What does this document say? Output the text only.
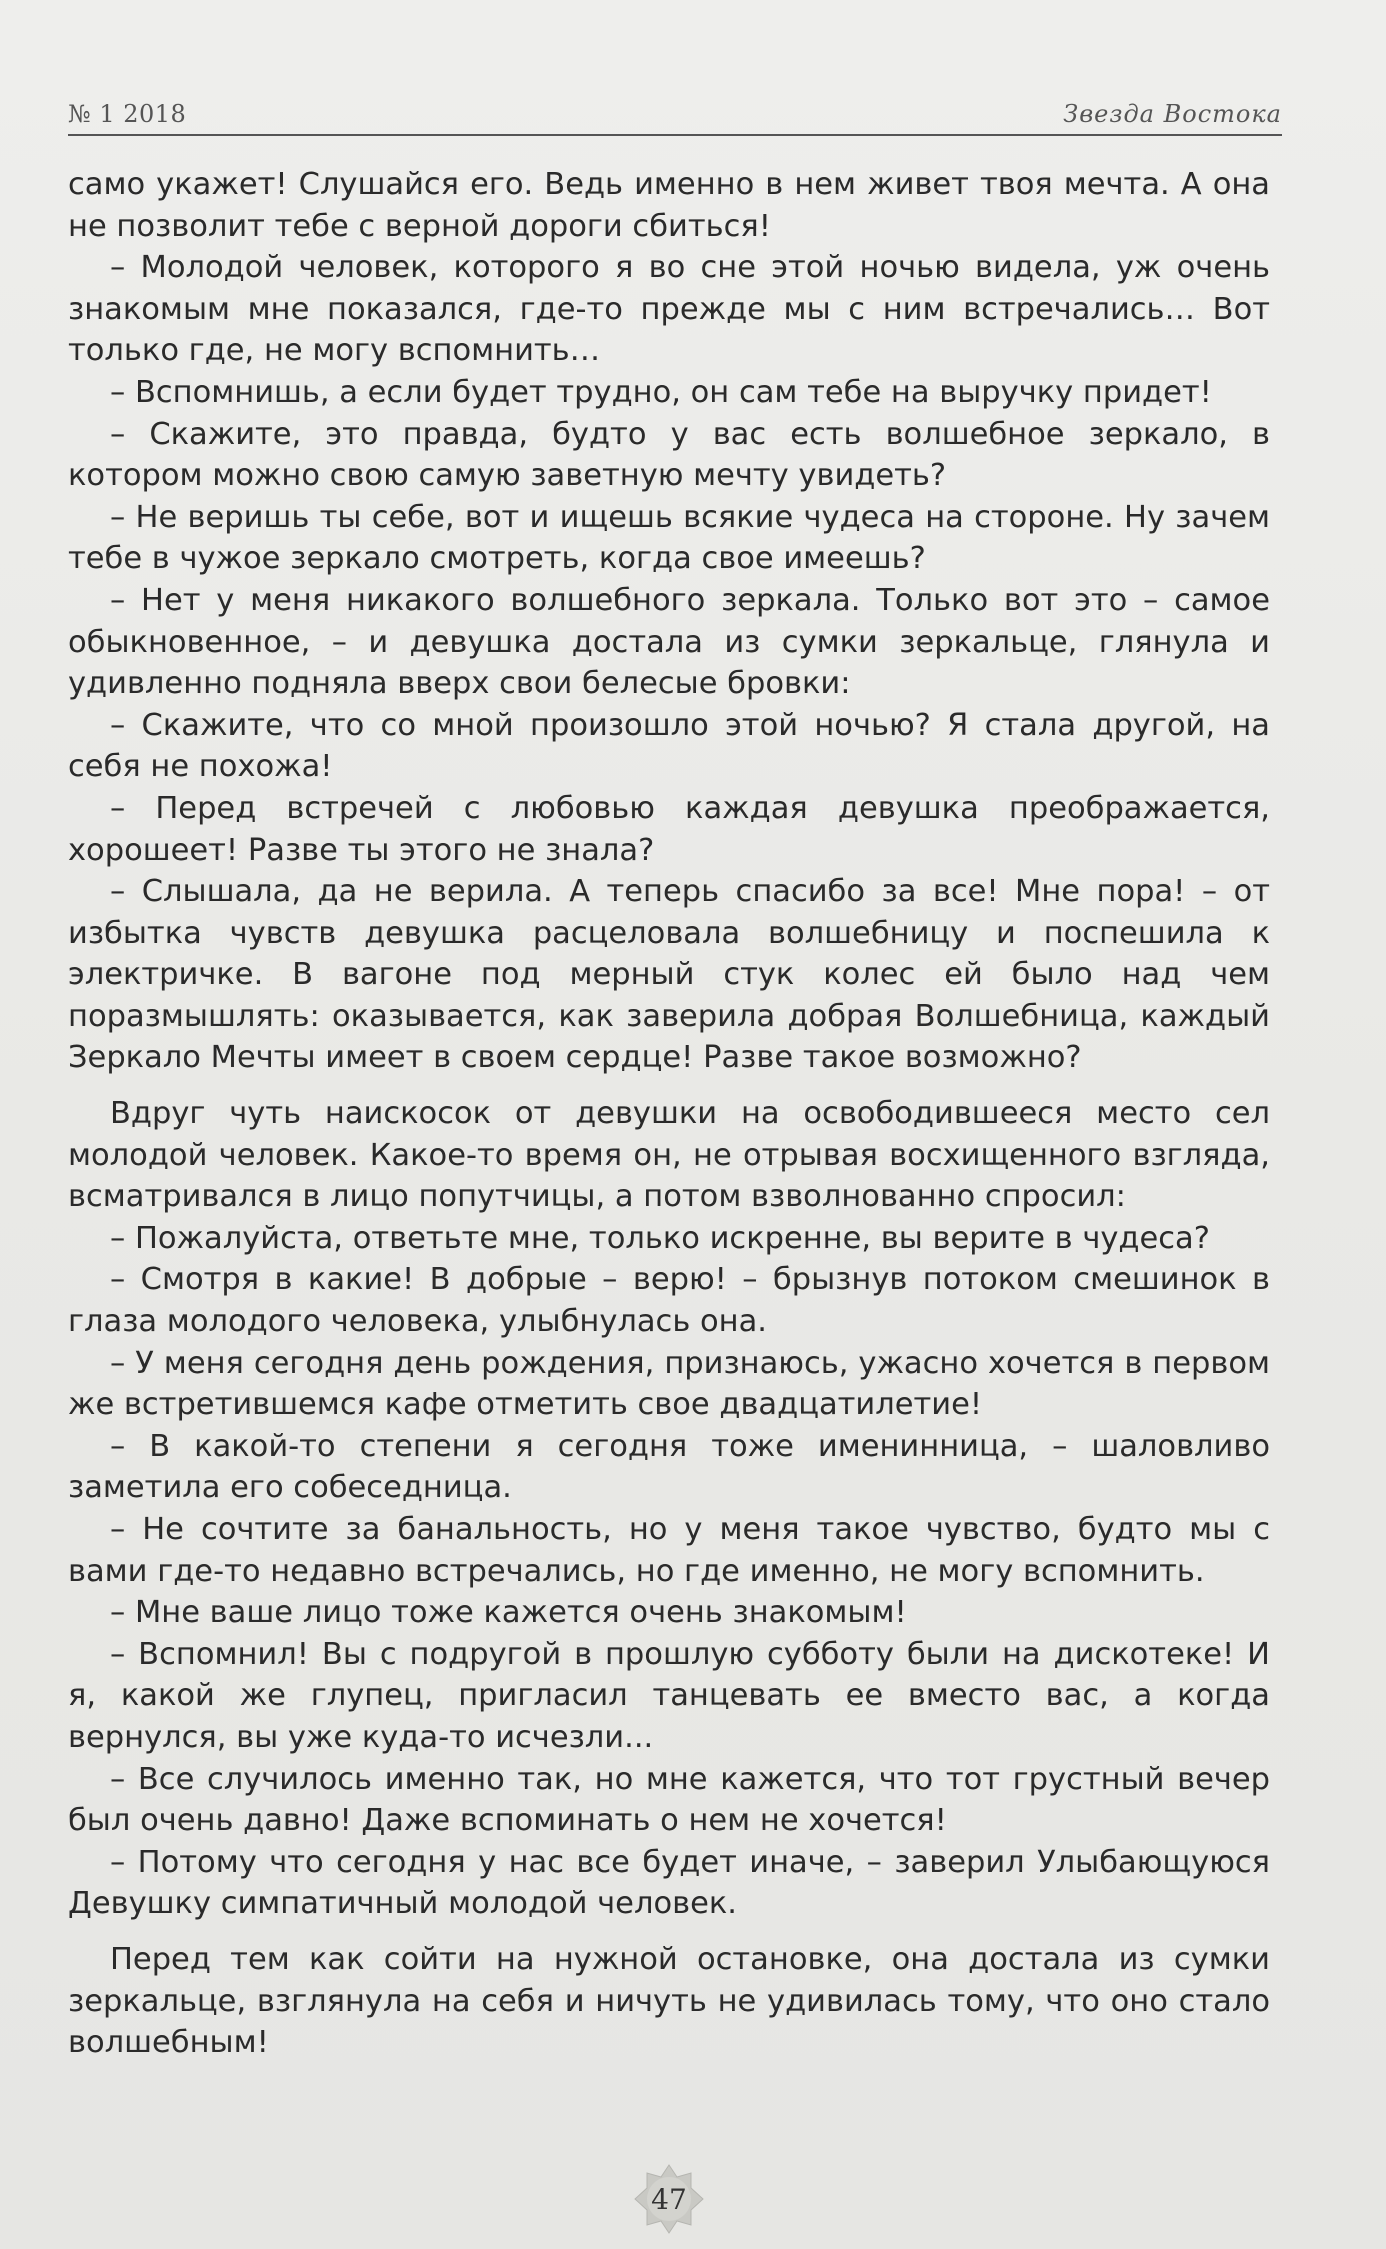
№ 1 2018	Звезда Востока

само укажет! Слушайся его. Ведь именно в нем живет твоя мечта. А она не позволит тебе с верной дороги сбиться!

– Молодой человек, которого я во сне этой ночью видела, уж очень знакомым мне показался, где-то прежде мы с ним встречались… Вот только где, не могу вспомнить…

– Вспомнишь, а если будет трудно, он сам тебе на выручку придет!

– Скажите, это правда, будто у вас есть волшебное зеркало, в котором можно свою самую заветную мечту увидеть?

– Не веришь ты себе, вот и ищешь всякие чудеса на стороне. Ну зачем тебе в чужое зеркало смотреть, когда свое имеешь?

– Нет у меня никакого волшебного зеркала. Только вот это – самое обыкновенное, – и девушка достала из сумки зеркальце, глянула и удивленно подняла вверх свои белесые бровки:

– Скажите, что со мной произошло этой ночью? Я стала другой, на себя не похожа!

– Перед встречей с любовью каждая девушка преображается, хорошеет! Разве ты этого не знала?

– Слышала, да не верила. А теперь спасибо за все! Мне пора! – от избытка чувств девушка расцеловала волшебницу и поспешила к электричке. В вагоне под мерный стук колес ей было над чем поразмышлять: оказывается, как заверила добрая Волшебница, каждый Зеркало Мечты имеет в своем сердце! Разве такое возможно?

Вдруг чуть наискосок от девушки на освободившееся место сел молодой человек. Какое-то время он, не отрывая восхищенного взгляда, всматривался в лицо попутчицы, а потом взволнованно спросил:

– Пожалуйста, ответьте мне, только искренне, вы верите в чудеса?

– Смотря в какие! В добрые – верю! – брызнув потоком смешинок в глаза молодого человека, улыбнулась она.

– У меня сегодня день рождения, признаюсь, ужасно хочется в первом же встретившемся кафе отметить свое двадцатилетие!

– В какой-то степени я сегодня тоже именинница, – шаловливо заметила его собеседница.

– Не сочтите за банальность, но у меня такое чувство, будто мы с вами где-то недавно встречались, но где именно, не могу вспомнить.

– Мне ваше лицо тоже кажется очень знакомым!

– Вспомнил! Вы с подругой в прошлую субботу были на дискотеке! И я, какой же глупец, пригласил танцевать ее вместо вас, а когда вернулся, вы уже куда-то исчезли...

– Все случилось именно так, но мне кажется, что тот грустный вечер был очень давно! Даже вспоминать о нем не хочется!

– Потому что сегодня у нас все будет иначе, – заверил Улыбающуюся Девушку симпатичный молодой человек.

Перед тем как сойти на нужной остановке, она достала из сумки зеркальце, взглянула на себя и ничуть не удивилась тому, что оно стало волшебным!

47
